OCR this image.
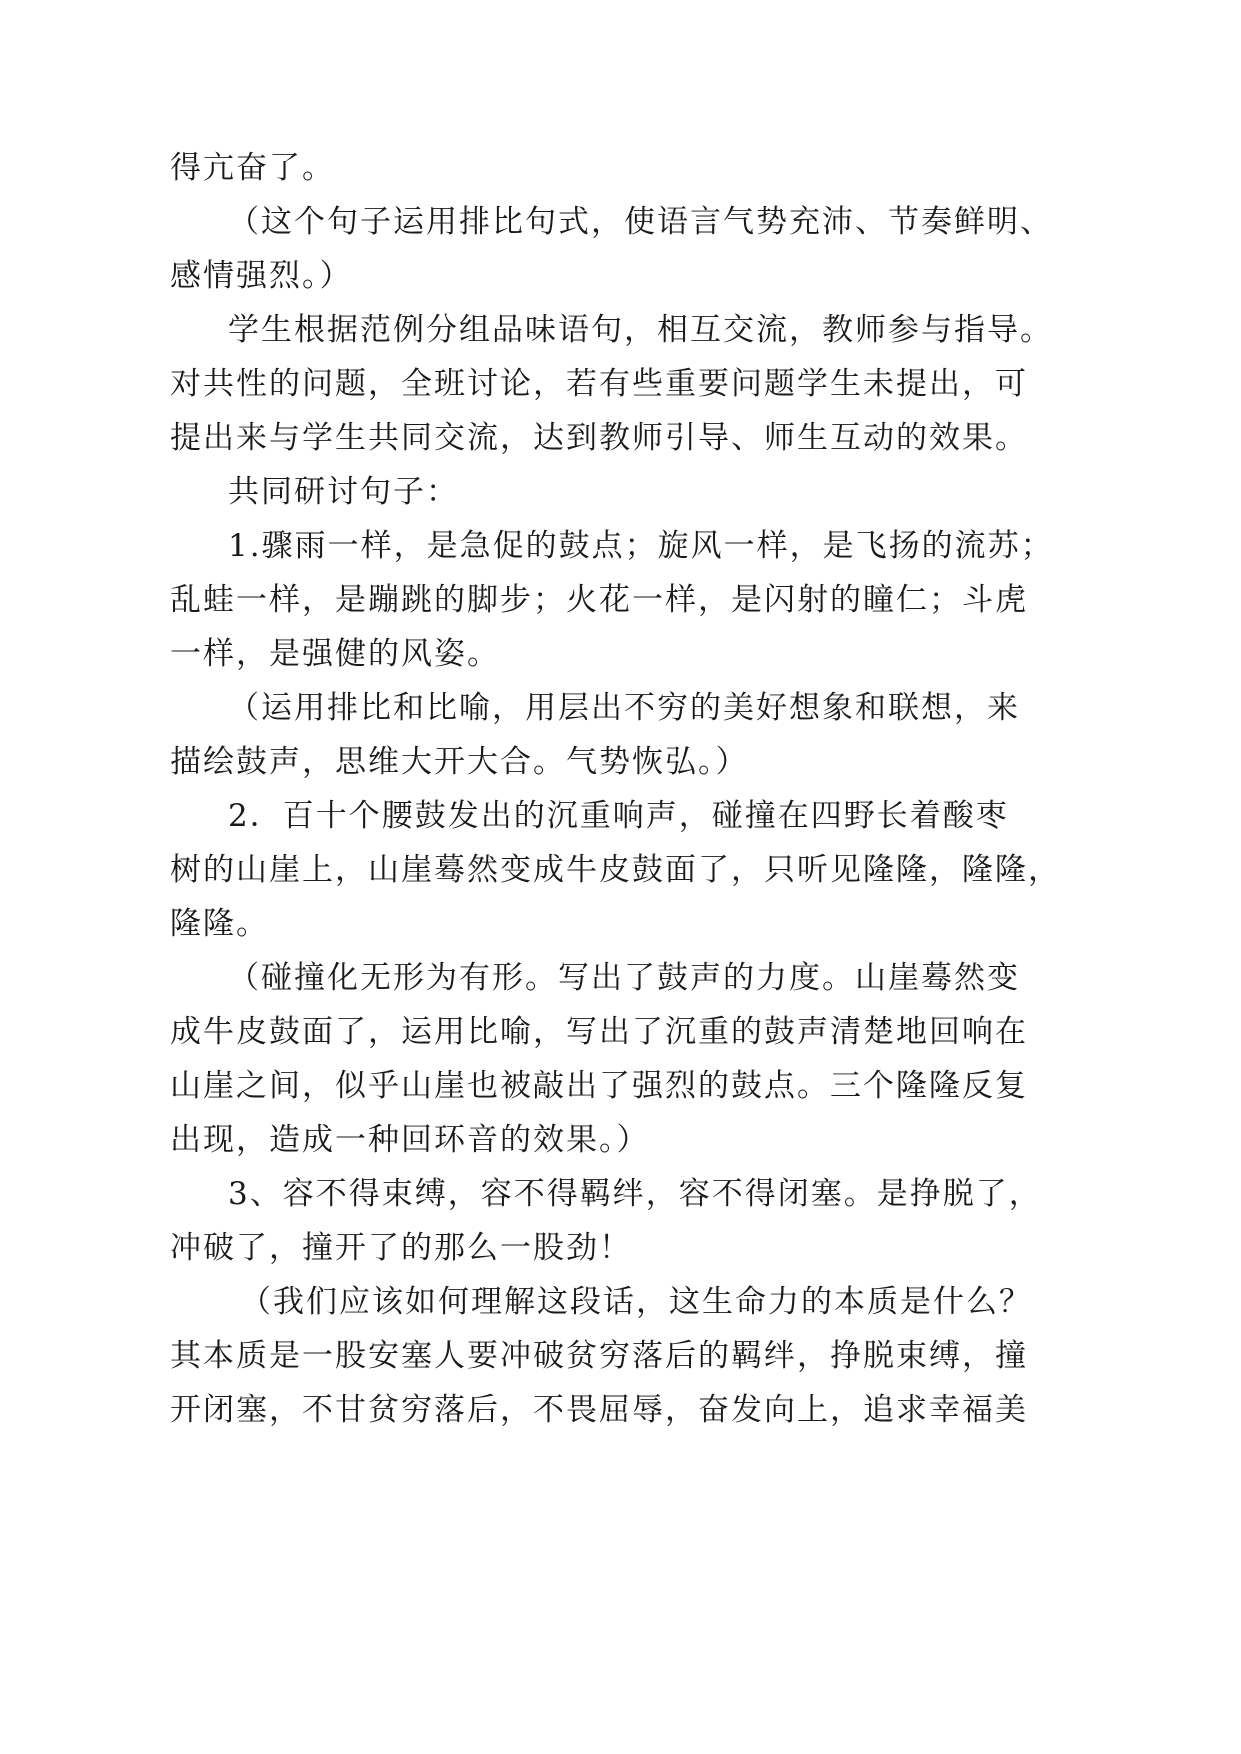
得亢奋了。
（这个句子运用排比句式，使语言气势充沛、节奏鲜明、
感情强烈。）
学生根据范例分组品味语句，相互交流，教师参与指导。
对共性的问题，全班讨论，若有些重要问题学生未提出，可
提出来与学生共同交流，达到教师引导、师生互动的效果。
共同研讨句子：
1.骤雨一样，是急促的鼓点；旋风一样，是飞扬的流苏；
乱蛙一样，是蹦跳的脚步；火花一样，是闪射的瞳仁；斗虎
一样，是强健的风姿。
（运用排比和比喻，用层出不穷的美好想象和联想，来
描绘鼓声，思维大开大合。气势恢弘。）
2．百十个腰鼓发出的沉重响声，碰撞在四野长着酸枣
树的山崖上，山崖蓦然变成牛皮鼓面了，只听见隆隆，隆隆，
隆隆。
（碰撞化无形为有形。写出了鼓声的力度。山崖蓦然变
成牛皮鼓面了，运用比喻，写出了沉重的鼓声清楚地回响在
山崖之间，似乎山崖也被敲出了强烈的鼓点。三个隆隆反复
出现，造成一种回环音的效果。）
3、容不得束缚，容不得羁绊，容不得闭塞。是挣脱了，
冲破了，撞开了的那么一股劲！
（我们应该如何理解这段话，这生命力的本质是什么？
其本质是一股安塞人要冲破贫穷落后的羁绊，挣脱束缚，撞
开闭塞，不甘贫穷落后，不畏屈辱，奋发向上，追求幸福美
